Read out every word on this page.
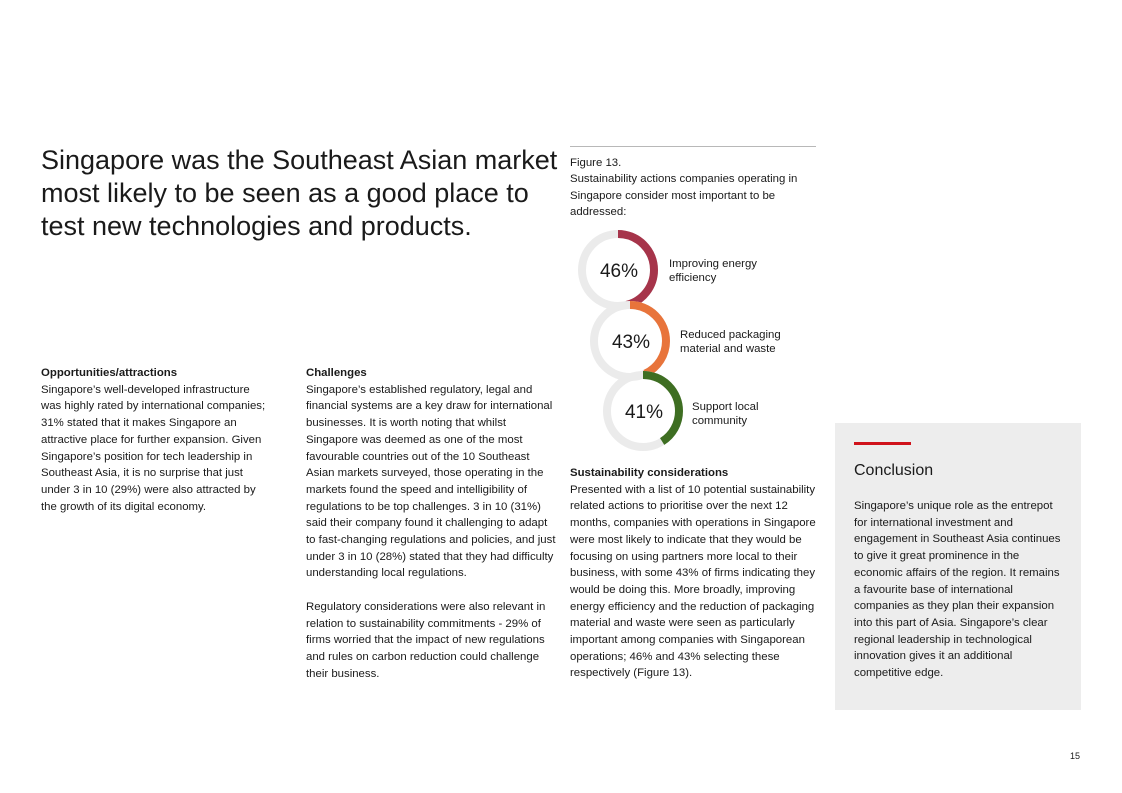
Singapore was the Southeast Asian market most likely to be seen as a good place to test new technologies and products.
Opportunities/attractions
Singapore’s well-developed infrastructure
was highly rated by international companies;
31% stated that it makes Singapore an
attractive place for further expansion. Given
Singapore’s position for tech leadership in
Southeast Asia, it is no surprise that just
under 3 in 10 (29%) were also attracted by
the growth of its digital economy.
Challenges

Singapore’s established regulatory, legal and financial systems are a key draw for international businesses. It is worth noting that whilst Singapore was deemed as one of the most favourable countries out of the 10 Southeast Asian markets surveyed, those operating in the markets found the speed and intelligibility of regulations to be top challenges. 3 in 10 (31%) said their company found it challenging to adapt to fast-changing regulations and policies, and just under 3 in 10 (28%) stated that they had difficulty understanding local regulations.

Regulatory considerations were also relevant in relation to sustainability commitments - 29% of firms worried that the impact of new regulations and rules on carbon reduction could challenge their business.

Figure 13.
Sustainability actions companies operating in Singapore consider most important to be addressed:
46%
43%
41%
Improving energy
efficiency
Reduced packaging
material and waste
Support local
community
Sustainability considerations

Presented with a list of 10 potential sustainability related actions to prioritise over the next 12 months, companies with operations in Singapore were most likely to indicate that they would be focusing on using partners more local to their business, with some 43% of firms indicating they would be doing this. More broadly, improving energy efficiency and the reduction of packaging material and waste were seen as particularly important among companies with Singaporean operations; 46% and 43% selecting these respectively (Figure 13).

Conclusion

Singapore’s unique role as the entrepot for international investment and engagement in Southeast Asia continues to give it great prominence in the economic affairs of the region. It remains a favourite base of international companies as they plan their expansion into this part of Asia. Singapore’s clear regional leadership in technological innovation gives it an additional competitive edge.

15
